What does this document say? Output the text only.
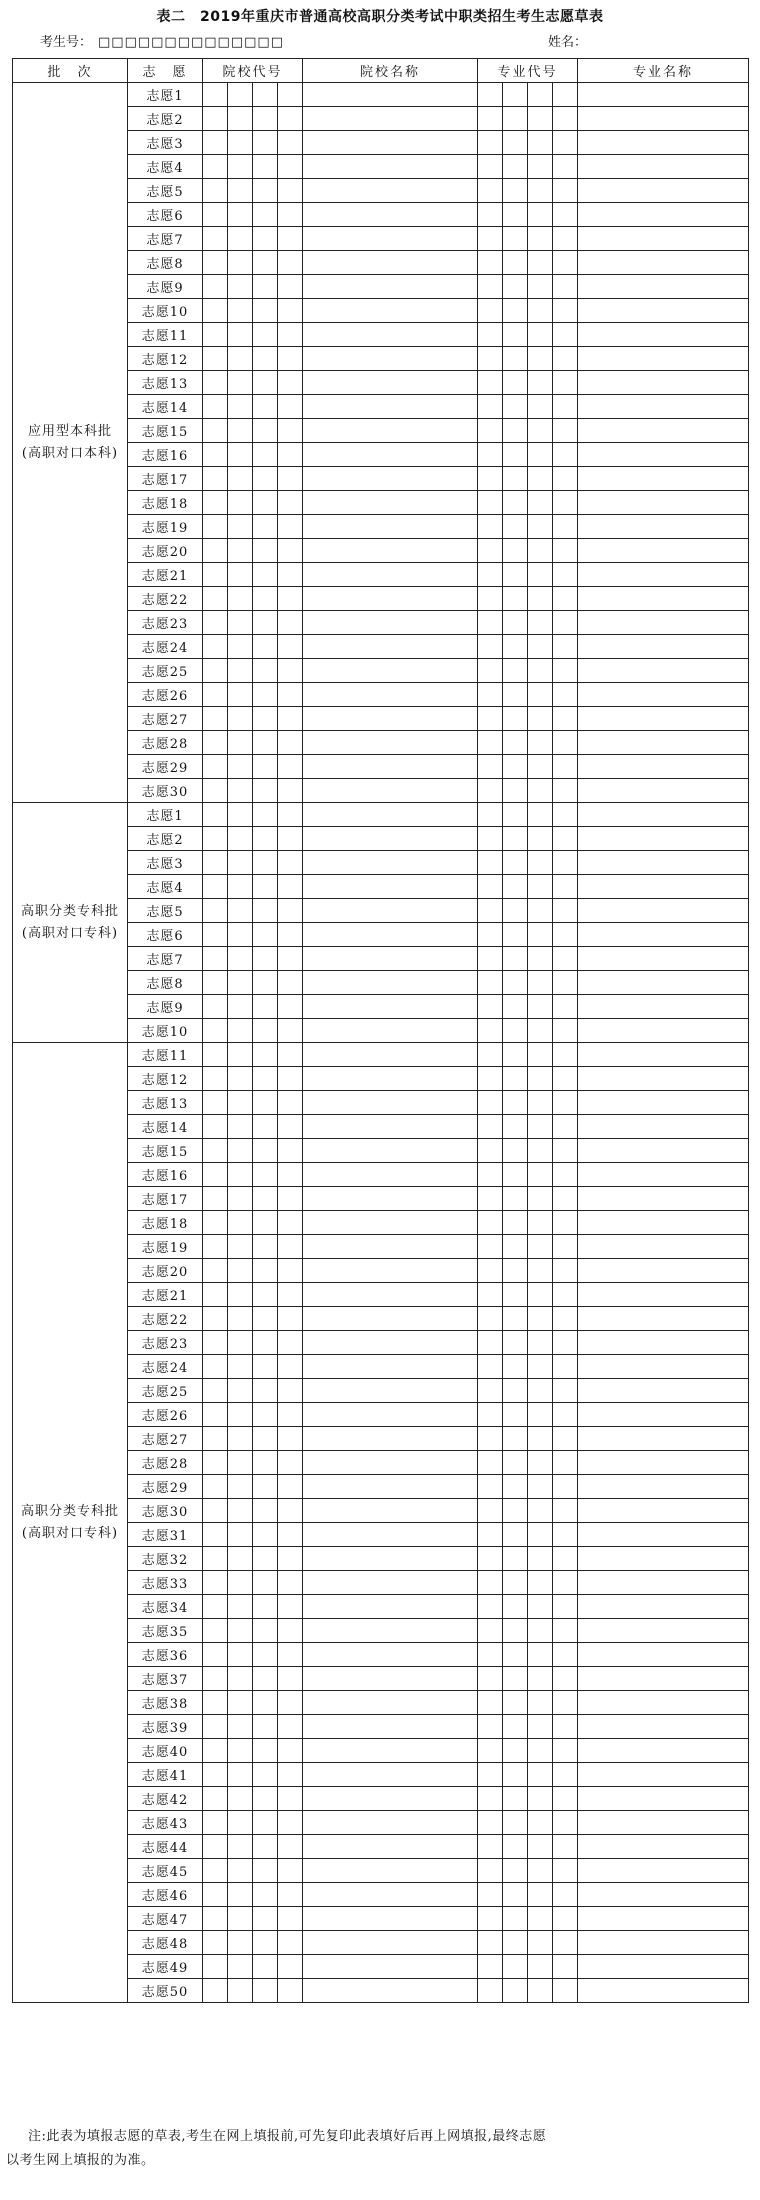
表二　2019年重庆市普通高校高职分类考试中职类招生考生志愿草表
考生号： □□□□□□□□□□□□□□	姓名：
批　次	志　愿	院校代号				院校名称	专业代号				专业名称

应用型本科批
(高职对口本科)	志愿1										
	志愿2										
	志愿3										
	志愿4										
	志愿5										
	志愿6										
	志愿7										
	志愿8										
	志愿9										
	志愿10										
	志愿11										
	志愿12										
	志愿13										
	志愿14										
	志愿15										
	志愿16										
	志愿17										
	志愿18										
	志愿19										
	志愿20										
	志愿21										
	志愿22										
	志愿23										
	志愿24										
	志愿25										
	志愿26										
	志愿27										
	志愿28										
	志愿29										
	志愿30										

高职分类专科批
(高职对口专科)	志愿1										
	志愿2										
	志愿3										
	志愿4										
	志愿5										
	志愿6										
	志愿7										
	志愿8										
	志愿9										
	志愿10										

高职分类专科批
(高职对口专科)	志愿11										
	志愿12										
	志愿13										
	志愿14										
	志愿15										
	志愿16										
	志愿17										
	志愿18										
	志愿19										
	志愿20										
	志愿21										
	志愿22										
	志愿23										
	志愿24										
	志愿25										
	志愿26										
	志愿27										
	志愿28										
	志愿29										
	志愿30										
	志愿31										
	志愿32										
	志愿33										
	志愿34										
	志愿35										
	志愿36										
	志愿37										
	志愿38										
	志愿39										
	志愿40										
	志愿41										
	志愿42										
	志愿43										
	志愿44										
	志愿45										
	志愿46										
	志愿47										
	志愿48										
	志愿49										
	志愿50										
注:此表为填报志愿的草表,考生在网上填报前,可先复印此表填好后再上网填报,最终志愿
以考生网上填报的为准。
